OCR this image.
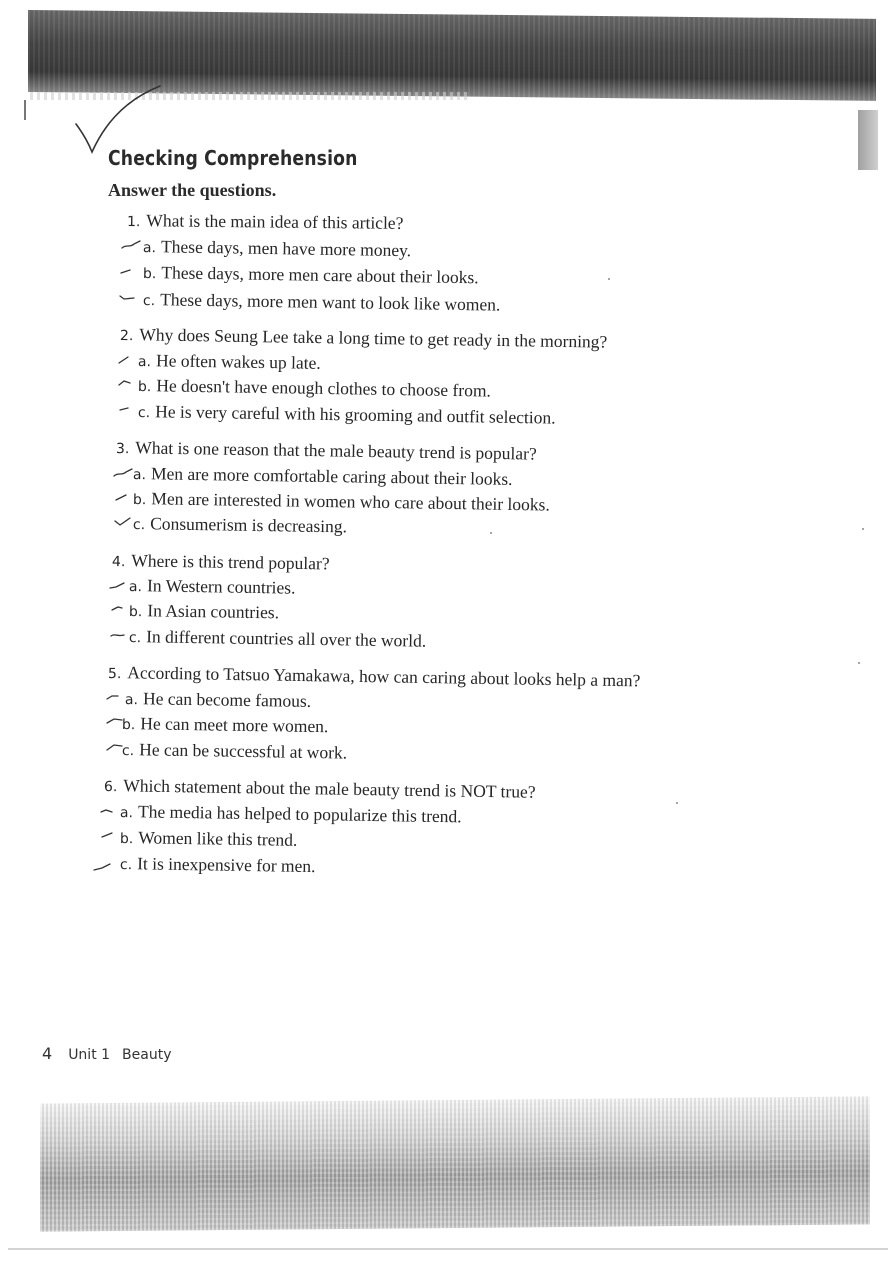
Checking Comprehension

Answer the questions.

1. What is the main idea of this article?
a. These days, men have more money.
b. These days, more men care about their looks.
c. These days, more men want to look like women.
2. Why does Seung Lee take a long time to get ready in the morning?
a. He often wakes up late.
b. He doesn't have enough clothes to choose from.
c. He is very careful with his grooming and outfit selection.
3. What is one reason that the male beauty trend is popular?
a. Men are more comfortable caring about their looks.
b. Men are interested in women who care about their looks.
c. Consumerism is decreasing.
4. Where is this trend popular?
a. In Western countries.
b. In Asian countries.
c. In different countries all over the world.
5. According to Tatsuo Yamakawa, how can caring about looks help a man?
a. He can become famous.
b. He can meet more women.
c. He can be successful at work.
6. Which statement about the male beauty trend is NOT true?
a. The media has helped to popularize this trend.
b. Women like this trend.
c. It is inexpensive for men.
4 Unit 1 Beauty
